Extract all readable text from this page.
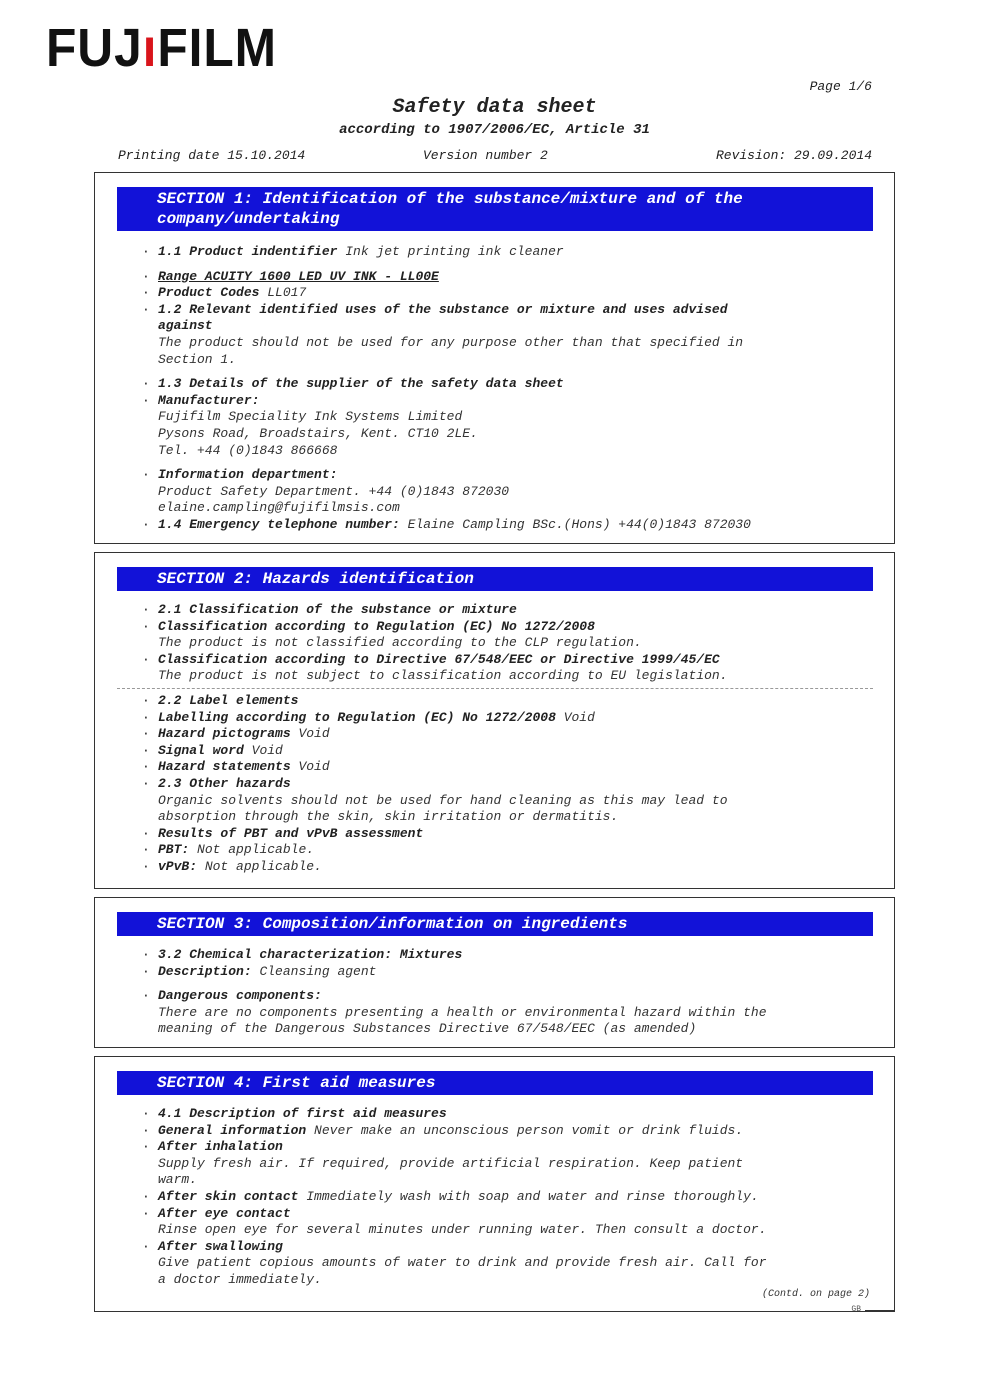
FUJıFILM
Page 1/6
Safety data sheet
according to 1907/2006/EC, Article 31
Printing date 15.10.2014	Version number 2	Revision: 29.09.2014
SECTION 1: Identification of the substance/mixture and of the
company/undertaking
· 1.1 Product indentifier Ink jet printing ink cleaner
· Range ACUITY 1600 LED UV INK - LL00E
· Product Codes LL017
· 1.2 Relevant identified uses of the substance or mixture and uses advised
against
The product should not be used for any purpose other than that specified in
Section 1.
· 1.3 Details of the supplier of the safety data sheet
· Manufacturer:
Fujifilm Speciality Ink Systems Limited
Pysons Road, Broadstairs, Kent. CT10 2LE.
Tel. +44 (0)1843 866668
· Information department:
Product Safety Department. +44 (0)1843 872030
elaine.campling@fujifilmsis.com
· 1.4 Emergency telephone number: Elaine Campling BSc.(Hons) +44(0)1843 872030
SECTION 2: Hazards identification
· 2.1 Classification of the substance or mixture
· Classification according to Regulation (EC) No 1272/2008
The product is not classified according to the CLP regulation.
· Classification according to Directive 67/548/EEC or Directive 1999/45/EC
The product is not subject to classification according to EU legislation.
· 2.2 Label elements
· Labelling according to Regulation (EC) No 1272/2008 Void
· Hazard pictograms Void
· Signal word Void
· Hazard statements Void
· 2.3 Other hazards
Organic solvents should not be used for hand cleaning as this may lead to
absorption through the skin, skin irritation or dermatitis.
· Results of PBT and vPvB assessment
· PBT: Not applicable.
· vPvB: Not applicable.
SECTION 3: Composition/information on ingredients
· 3.2 Chemical characterization: Mixtures
· Description: Cleansing agent
· Dangerous components:
There are no components presenting a health or environmental hazard within the
meaning of the Dangerous Substances Directive 67/548/EEC (as amended)
SECTION 4: First aid measures
· 4.1 Description of first aid measures
· General information Never make an unconscious person vomit or drink fluids.
· After inhalation
Supply fresh air. If required, provide artificial respiration. Keep patient
warm.
· After skin contact Immediately wash with soap and water and rinse thoroughly.
· After eye contact
Rinse open eye for several minutes under running water. Then consult a doctor.
· After swallowing
Give patient copious amounts of water to drink and provide fresh air. Call for
a doctor immediately.
(Contd. on page 2)
GB
